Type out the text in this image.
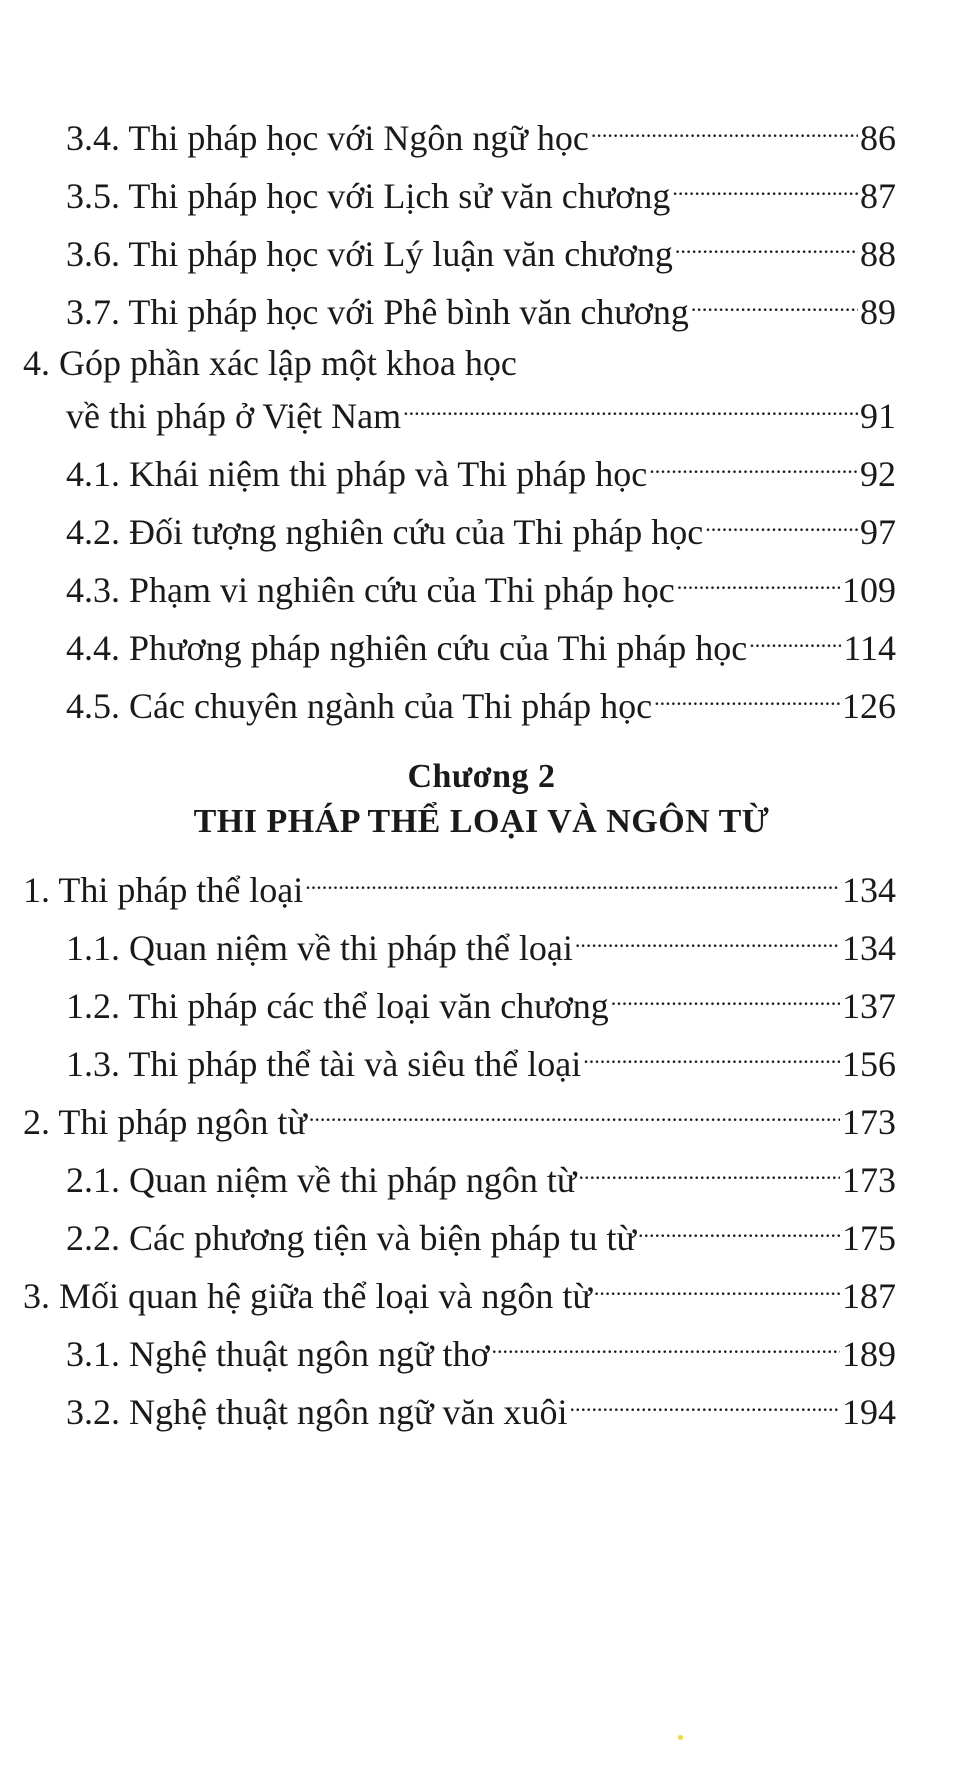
3.4. Thi pháp học với Ngôn ngữ học .....	86
3.5. Thi pháp học với Lịch sử văn chương .....	87
3.6. Thi pháp học với Lý luận văn chương .....	88
3.7. Thi pháp học với Phê bình văn chương .....	89
4. Góp phần xác lập một khoa học
về thi pháp ở Việt Nam .....	91
4.1. Khái niệm thi pháp và Thi pháp học .....	92
4.2. Đối tượng nghiên cứu của Thi pháp học .....	97
4.3. Phạm vi nghiên cứu của Thi pháp học .....	109
4.4. Phương pháp nghiên cứu của Thi pháp học .....	114
4.5. Các chuyên ngành của Thi pháp học .....	126
Chương 2
THI PHÁP THỂ LOẠI VÀ NGÔN TỪ
1. Thi pháp thể loại .....	134
1.1. Quan niệm về thi pháp thể loại .....	134
1.2. Thi pháp các thể loại văn chương .....	137
1.3. Thi pháp thể tài và siêu thể loại .....	156
2. Thi pháp ngôn từ .....	173
2.1. Quan niệm về thi pháp ngôn từ .....	173
2.2. Các phương tiện và biện pháp tu từ .....	175
3. Mối quan hệ giữa thể loại và ngôn từ .....	187
3.1. Nghệ thuật ngôn ngữ thơ .....	189
3.2. Nghệ thuật ngôn ngữ văn xuôi .....	194
